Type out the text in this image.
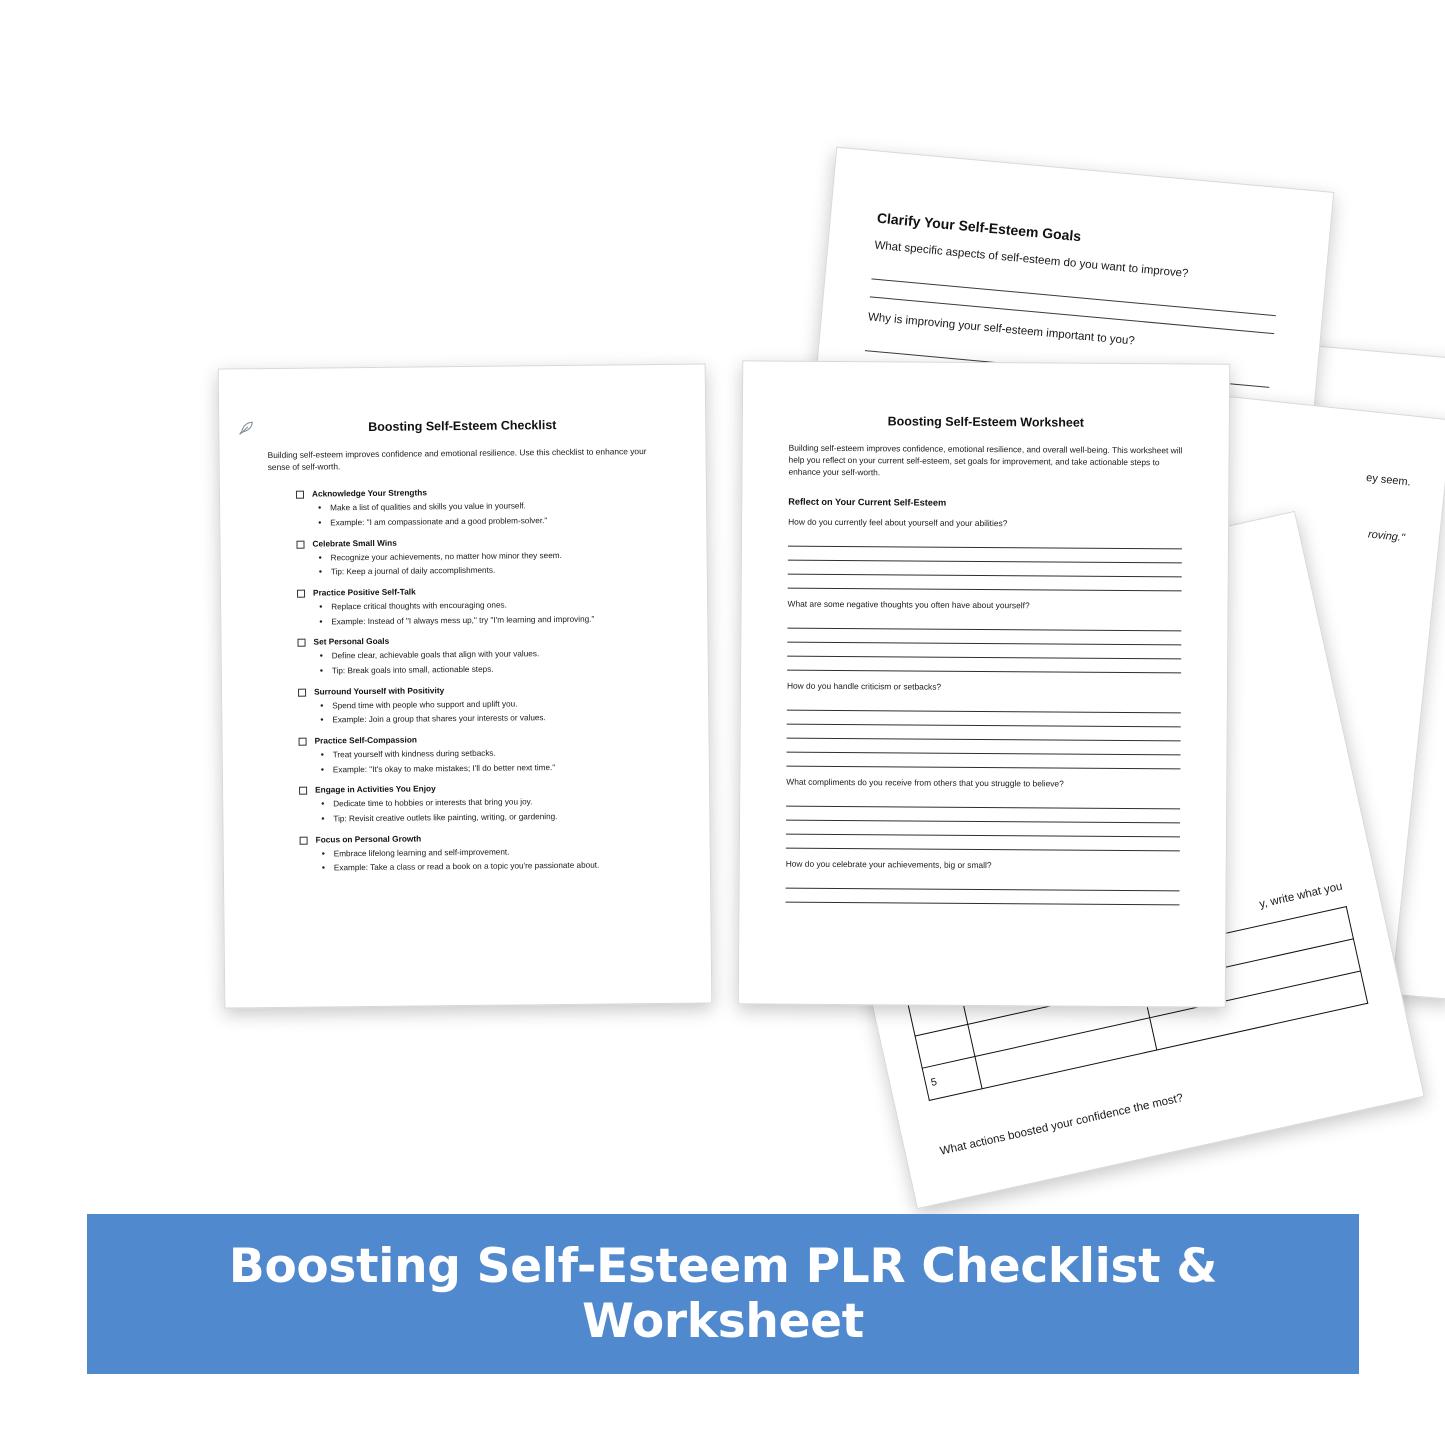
Clarify Your Self-Esteem Goals

What specific aspects of self-esteem do you want to improve?

Why is improving your self-esteem important to you?

ey seem.

roving."

y, write what you

5		

What actions boosted your confidence the most?

Boosting Self-Esteem Checklist

Building self-esteem improves confidence and emotional resilience. Use this checklist to enhance your sense of self-worth.

Acknowledge Your Strengths

• Make a list of qualities and skills you value in yourself.

• Example: "I am compassionate and a good problem-solver."

Celebrate Small Wins

• Recognize your achievements, no matter how minor they seem.

• Tip: Keep a journal of daily accomplishments.

Practice Positive Self-Talk

• Replace critical thoughts with encouraging ones.

• Example: Instead of "I always mess up," try "I'm learning and improving."

Set Personal Goals

• Define clear, achievable goals that align with your values.

• Tip: Break goals into small, actionable steps.

Surround Yourself with Positivity

• Spend time with people who support and uplift you.

• Example: Join a group that shares your interests or values.

Practice Self-Compassion

• Treat yourself with kindness during setbacks.

• Example: "It's okay to make mistakes; I'll do better next time."

Engage in Activities You Enjoy

• Dedicate time to hobbies or interests that bring you joy.

• Tip: Revisit creative outlets like painting, writing, or gardening.

Focus on Personal Growth

• Embrace lifelong learning and self-improvement.

• Example: Take a class or read a book on a topic you're passionate about.

Boosting Self-Esteem Worksheet

Building self-esteem improves confidence, emotional resilience, and overall well-being. This worksheet will help you reflect on your current self-esteem, set goals for improvement, and take actionable steps to enhance your self-worth.

Reflect on Your Current Self-Esteem

How do you currently feel about yourself and your abilities?

What are some negative thoughts you often have about yourself?

How do you handle criticism or setbacks?

What compliments do you receive from others that you struggle to believe?

How do you celebrate your achievements, big or small?

Boosting Self-Esteem PLR Checklist & Worksheet
